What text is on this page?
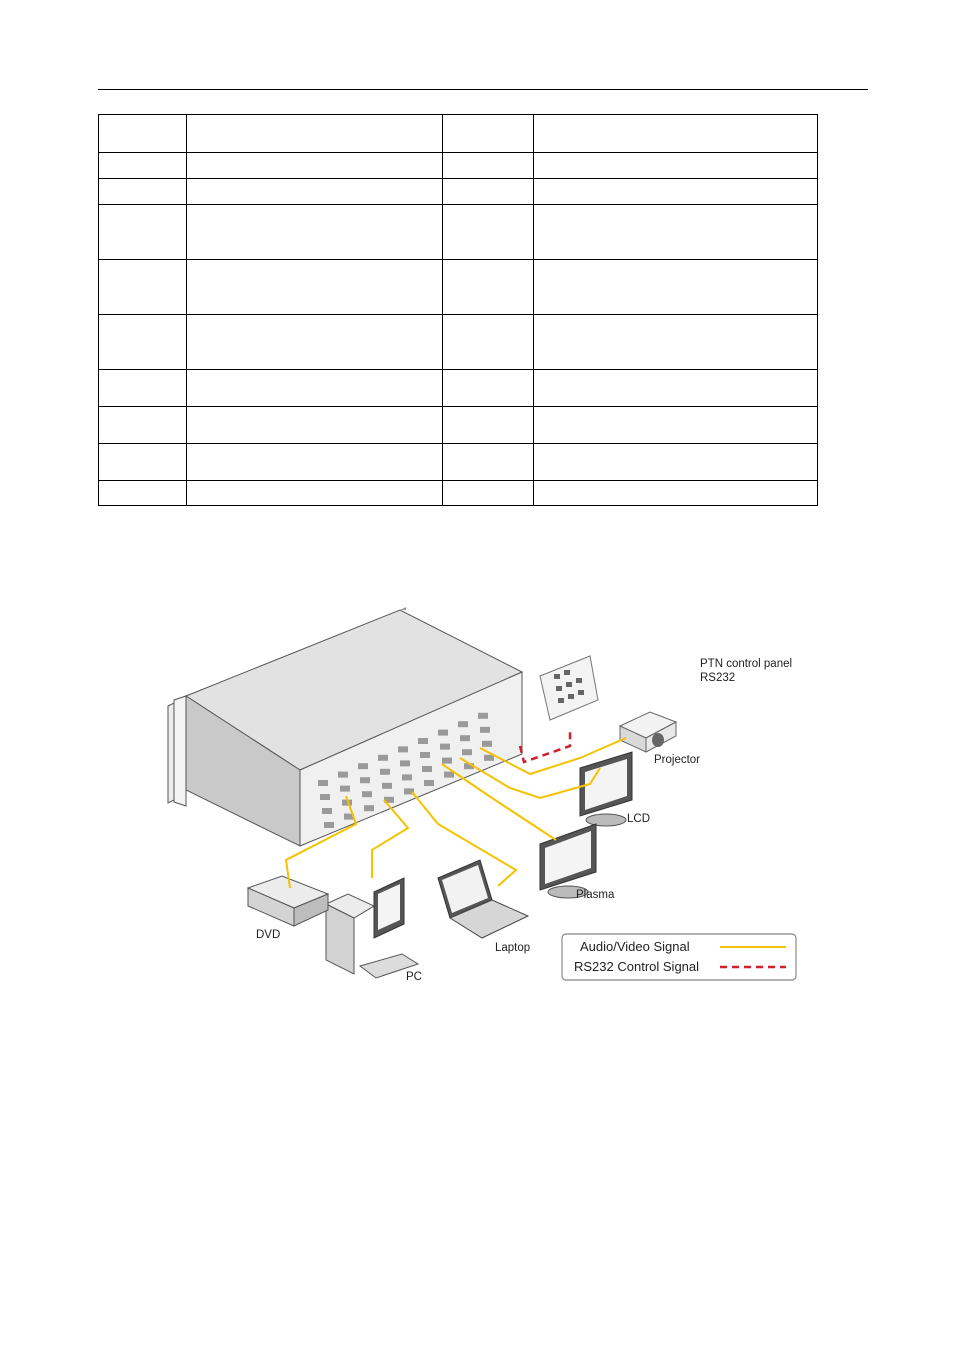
PTN control panel
RS232
Projector
LCD
Plasma
Laptop
PC
DVD
Audio/Video Signal
RS232 Control Signal
